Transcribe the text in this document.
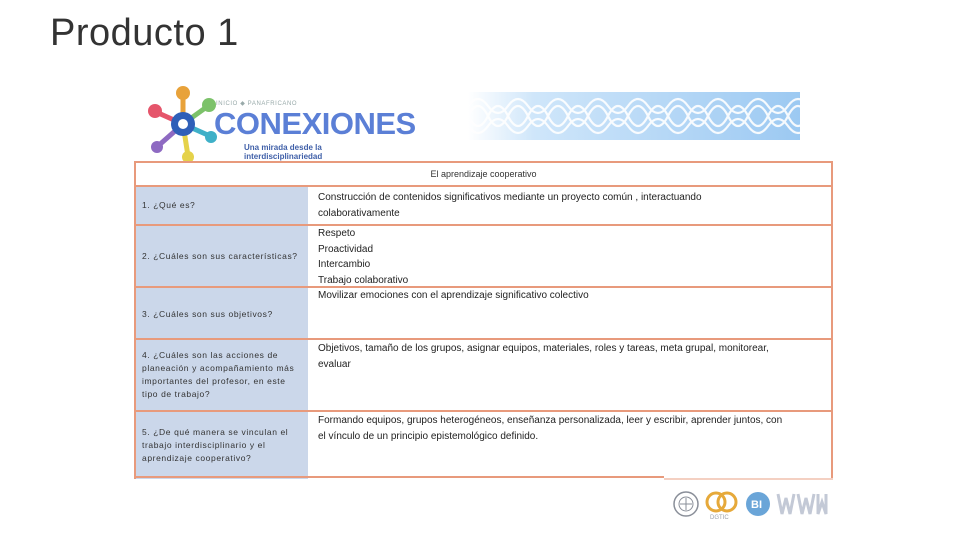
Producto 1
INICIO ◆ PANAFRICANO
CONEXIONES
Una mirada desde la interdisciplinariedad
El aprendizaje cooperativo
1. ¿Qué es?
Construcción de contenidos significativos mediante un proyecto común , interactuando
colaborativamente
2. ¿Cuáles son sus características?
Respeto
Proactividad
Intercambio
Trabajo colaborativo
Movilizar emociones con el aprendizaje significativo colectivo
3. ¿Cuáles son sus objetivos?
4. ¿Cuáles son las acciones de planeación y acompañamiento más importantes del profesor, en este tipo de trabajo?
Objetivos, tamaño de los grupos, asignar equipos, materiales, roles y tareas, meta grupal, monitorear,
evaluar
5. ¿De qué manera se vinculan el trabajo interdisciplinario y el aprendizaje cooperativo?
Formando equipos, grupos heterogéneos, enseñanza personalizada, leer y escribir, aprender juntos, con
el vínculo de un principio epistemológico definido.
DGTIC
BI
